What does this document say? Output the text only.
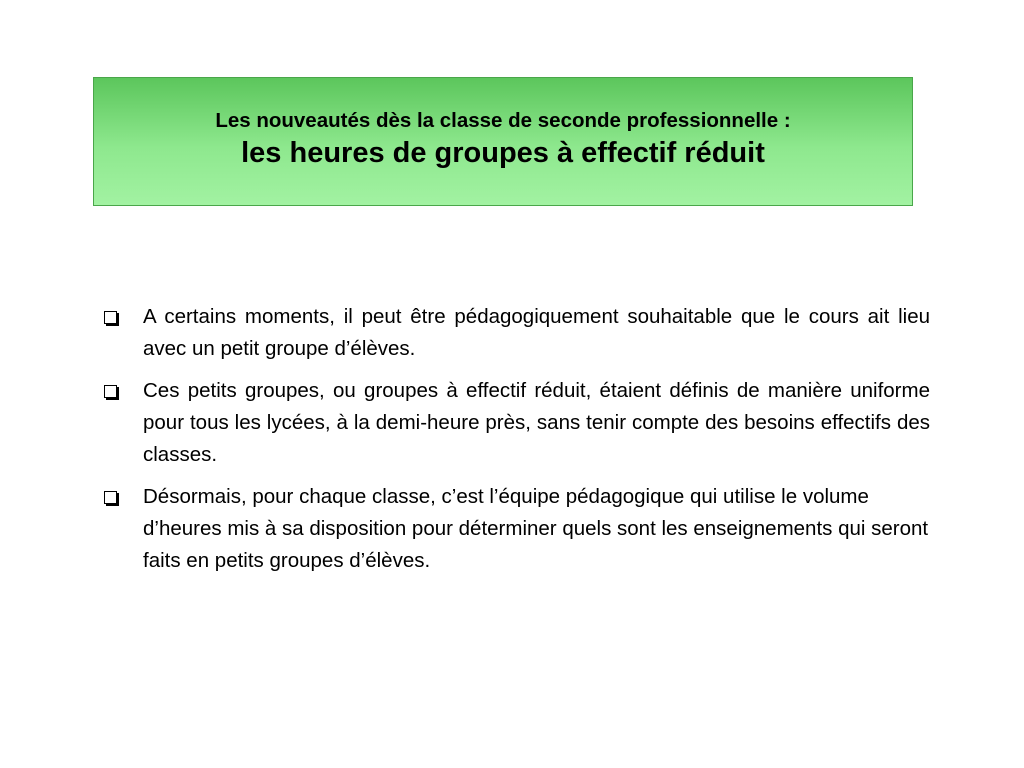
Les nouveautés dès la classe de seconde professionnelle :
les heures de groupes à effectif réduit
A certains moments, il peut être pédagogiquement souhaitable que le cours ait lieu avec un petit groupe d’élèves.
Ces petits groupes, ou groupes à effectif réduit, étaient définis de manière uniforme pour tous les lycées, à la demi-heure près, sans tenir compte des besoins effectifs des classes.
Désormais, pour chaque classe, c’est l’équipe pédagogique qui utilise le volume d’heures mis à sa disposition pour déterminer quels sont les enseignements qui seront faits en petits groupes d’élèves.
